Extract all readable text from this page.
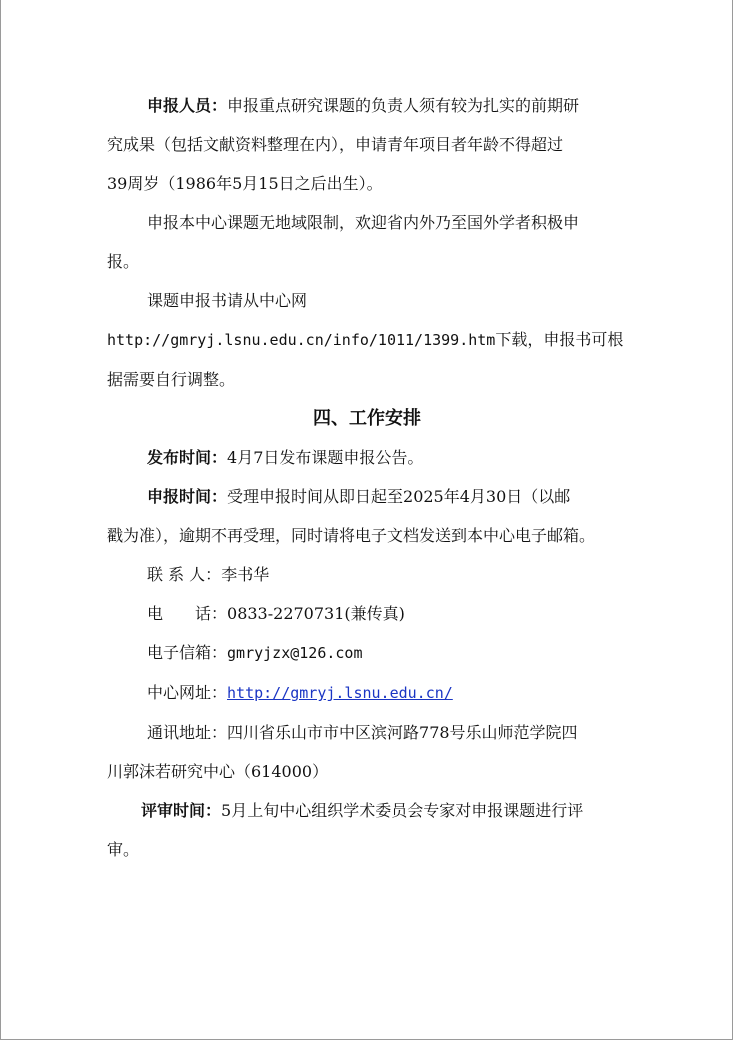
申报人员：申报重点研究课题的负责人须有较为扎实的前期研

究成果（包括文献资料整理在内），申请青年项目者年龄不得超过

39周岁（1986年5月15日之后出生）。

申报本中心课题无地域限制，欢迎省内外乃至国外学者积极申

报。

课题申报书请从中心网

http://gmryj.lsnu.edu.cn/info/1011/1399.htm下载，申报书可根

据需要自行调整。

四、工作安排

发布时间：4月7日发布课题申报公告。

申报时间：受理申报时间从即日起至2025年4月30日（以邮

戳为准），逾期不再受理，同时请将电子文档发送到本中心电子邮箱。

联 系 人：李书华

电　　话：0833-2270731(兼传真)

电子信箱：gmryjzx@126.com

中心网址：http://gmryj.lsnu.edu.cn/

通讯地址：四川省乐山市市中区滨河路778号乐山师范学院四

川郭沫若研究中心（614000）

评审时间：5月上旬中心组织学术委员会专家对申报课题进行评

审。
